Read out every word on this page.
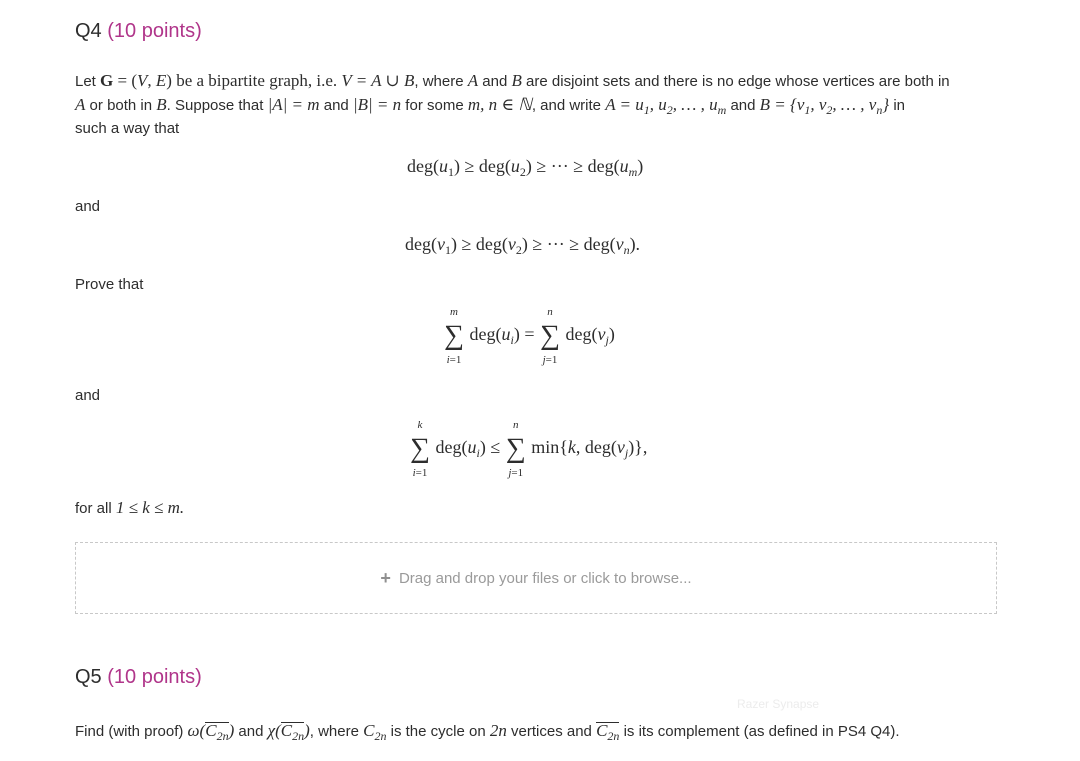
Q4 (10 points)
Let G = (V, E) be a bipartite graph, i.e. V = A ∪ B, where A and B are disjoint sets and there is no edge whose vertices are both in
A or both in B. Suppose that |A| = m and |B| = n for some m, n ∈ ℕ, and write $A = u_1$, $u_2$, … , $u_m$ and $B = \{v_1$, $v_2$, … , $v_n$} in
such a way that
$deg(u_1) \ge deg(u_2)$ ≥ ··· ≥ $deg(u_m)$
and
$deg(v_1) \ge deg(v_2)$ ≥ ··· ≥ $deg(v_n)$.
Prove that
m
∑
i=1
$deg(u_i)$ =
n
∑
j=1
$deg(v_j)$
and
k
∑
i=1
$deg(u_i)$ ≤
n
∑
j=1
min{k, $deg(v_j)$},
for all 1 ≤ k ≤ m.
+ Drag and drop your files or click to browse...
Q5 (10 points)
Razer Synapse
Find (with proof) $\omega(C_{2n})$ and $\chi(C_{2n})$, where $C_{2n}$ is the cycle on 2n vertices and $C_{2n}$ is its complement (as defined in PS4 Q4).
